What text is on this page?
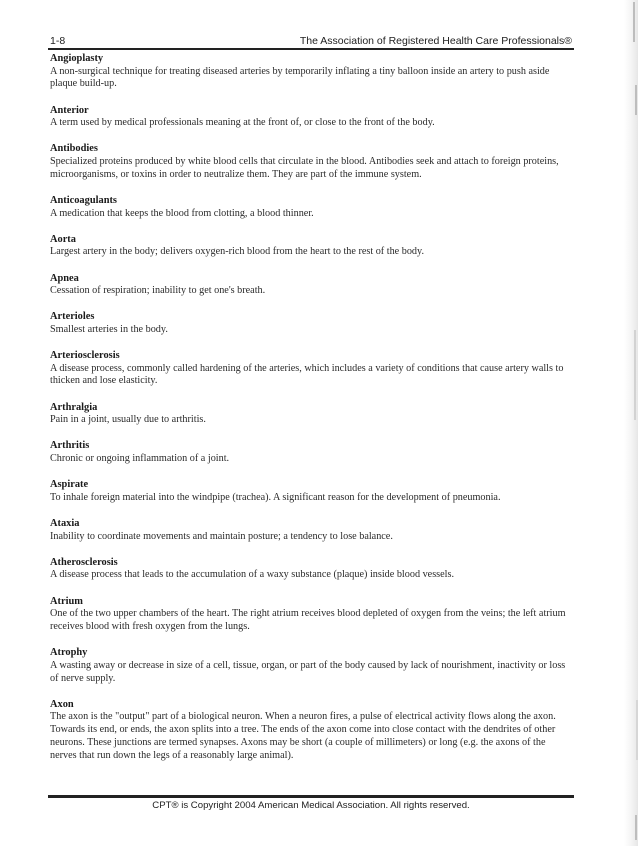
1-8	The Association of Registered Health Care Professionals®
Angioplasty
A non-surgical technique for treating diseased arteries by temporarily inflating a tiny balloon inside an artery to push aside plaque build-up.
Anterior
A term used by medical professionals meaning at the front of, or close to the front of the body.
Antibodies
Specialized proteins produced by white blood cells that circulate in the blood. Antibodies seek and attach to foreign proteins, microorganisms, or toxins in order to neutralize them. They are part of the immune system.
Anticoagulants
A medication that keeps the blood from clotting, a blood thinner.
Aorta
Largest artery in the body; delivers oxygen-rich blood from the heart to the rest of the body.
Apnea
Cessation of respiration; inability to get one's breath.
Arterioles
Smallest arteries in the body.
Arteriosclerosis
A disease process, commonly called hardening of the arteries, which includes a variety of conditions that cause artery walls to thicken and lose elasticity.
Arthralgia
Pain in a joint, usually due to arthritis.
Arthritis
Chronic or ongoing inflammation of a joint.
Aspirate
To inhale foreign material into the windpipe (trachea). A significant reason for the development of pneumonia.
Ataxia
Inability to coordinate movements and maintain posture; a tendency to lose balance.
Atherosclerosis
A disease process that leads to the accumulation of a waxy substance (plaque) inside blood vessels.
Atrium
One of the two upper chambers of the heart. The right atrium receives blood depleted of oxygen from the veins; the left atrium receives blood with fresh oxygen from the lungs.
Atrophy
A wasting away or decrease in size of a cell, tissue, organ, or part of the body caused by lack of nourishment, inactivity or loss of nerve supply.
Axon
The axon is the "output" part of a biological neuron. When a neuron fires, a pulse of electrical activity flows along the axon. Towards its end, or ends, the axon splits into a tree. The ends of the axon come into close contact with the dendrites of other neurons. These junctions are termed synapses. Axons may be short (a couple of millimeters) or long (e.g. the axons of the nerves that run down the legs of a reasonably large animal).
CPT® is Copyright 2004 American Medical Association. All rights reserved.
